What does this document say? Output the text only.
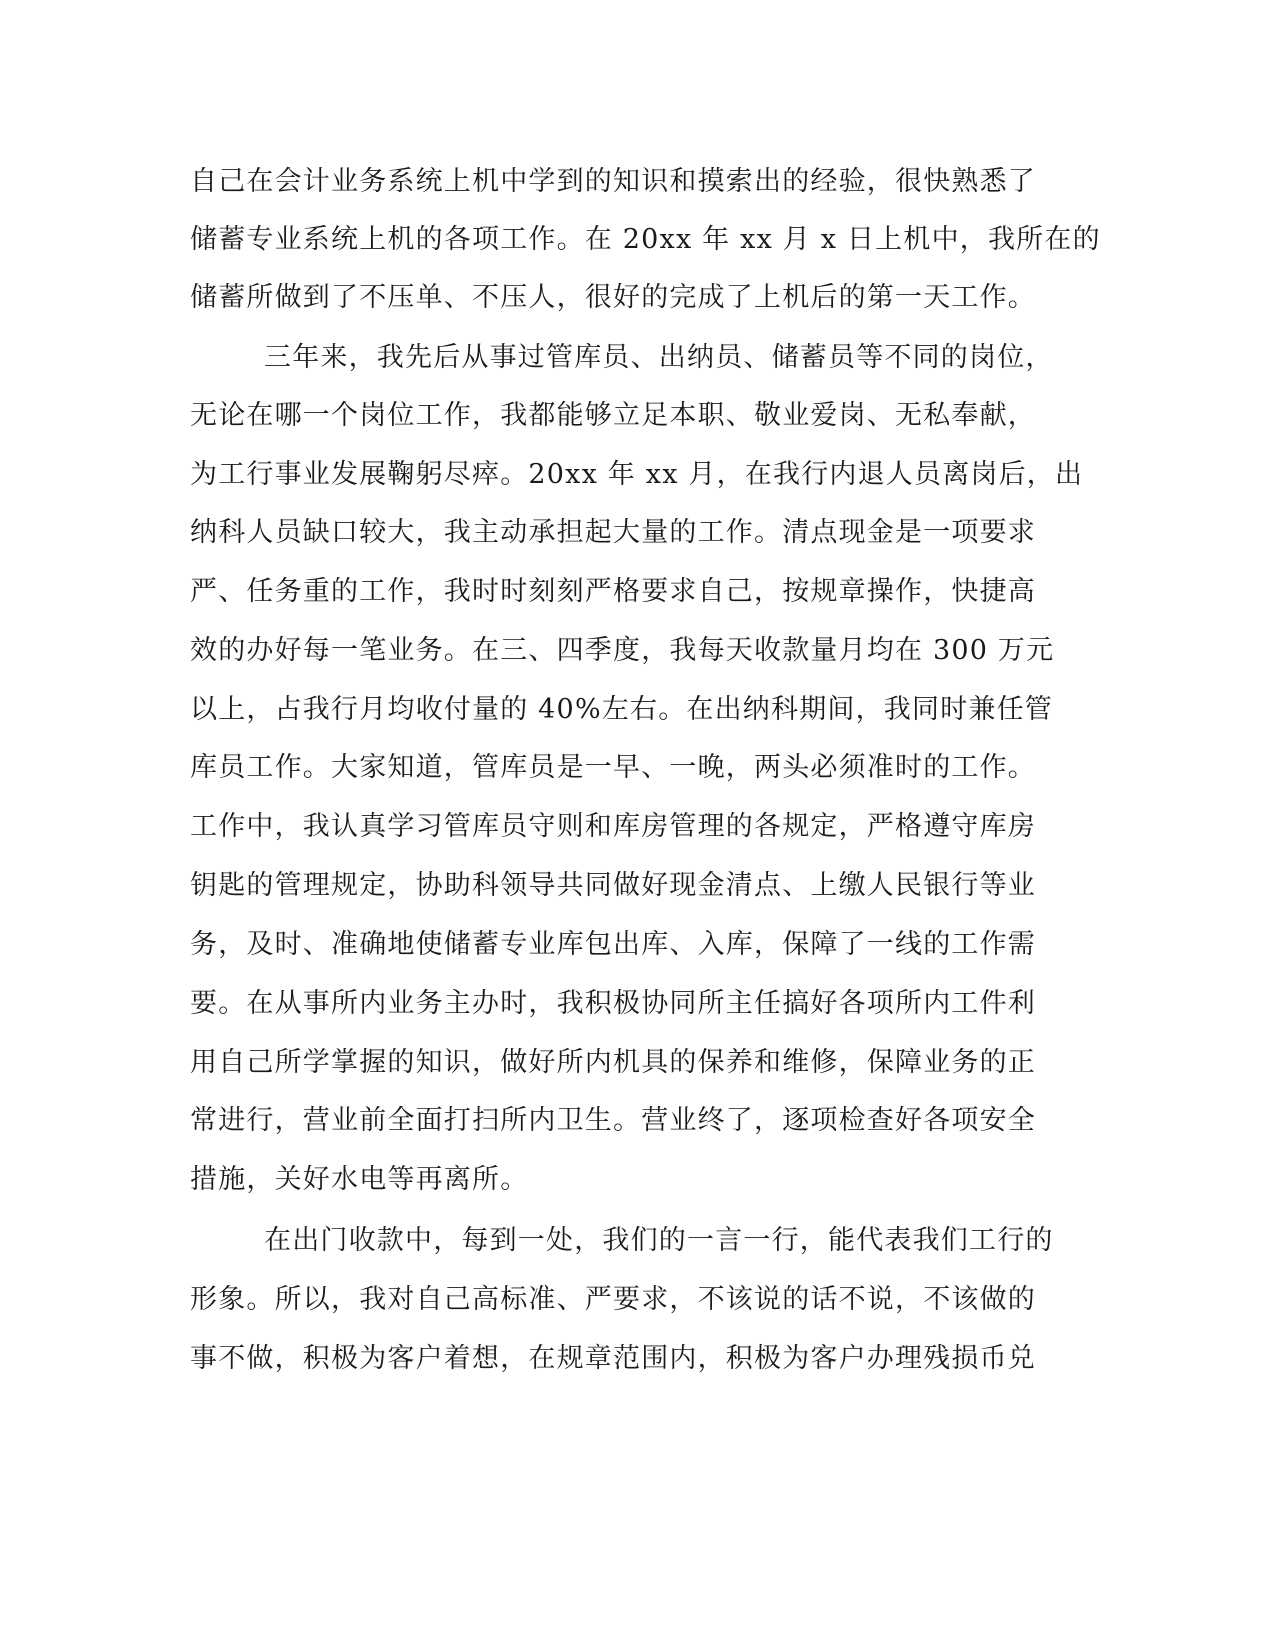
自己在会计业务系统上机中学到的知识和摸索出的经验，很快熟悉了
储蓄专业系统上机的各项工作。在 20xx 年 xx 月 x 日上机中，我所在的
储蓄所做到了不压单、不压人，很好的完成了上机后的第一天工作。
三年来，我先后从事过管库员、出纳员、储蓄员等不同的岗位，
无论在哪一个岗位工作，我都能够立足本职、敬业爱岗、无私奉献，
为工行事业发展鞠躬尽瘁。20xx 年 xx 月，在我行内退人员离岗后，出
纳科人员缺口较大，我主动承担起大量的工作。清点现金是一项要求
严、任务重的工作，我时时刻刻严格要求自己，按规章操作，快捷高
效的办好每一笔业务。在三、四季度，我每天收款量月均在 300 万元
以上，占我行月均收付量的 40%左右。在出纳科期间，我同时兼任管
库员工作。大家知道，管库员是一早、一晚，两头必须准时的工作。
工作中，我认真学习管库员守则和库房管理的各规定，严格遵守库房
钥匙的管理规定，协助科领导共同做好现金清点、上缴人民银行等业
务，及时、准确地使储蓄专业库包出库、入库，保障了一线的工作需
要。在从事所内业务主办时，我积极协同所主任搞好各项所内工件利
用自己所学掌握的知识，做好所内机具的保养和维修，保障业务的正
常进行，营业前全面打扫所内卫生。营业终了，逐项检查好各项安全
措施，关好水电等再离所。
在出门收款中，每到一处，我们的一言一行，能代表我们工行的
形象。所以，我对自己高标准、严要求，不该说的话不说，不该做的
事不做，积极为客户着想，在规章范围内，积极为客户办理残损币兑
